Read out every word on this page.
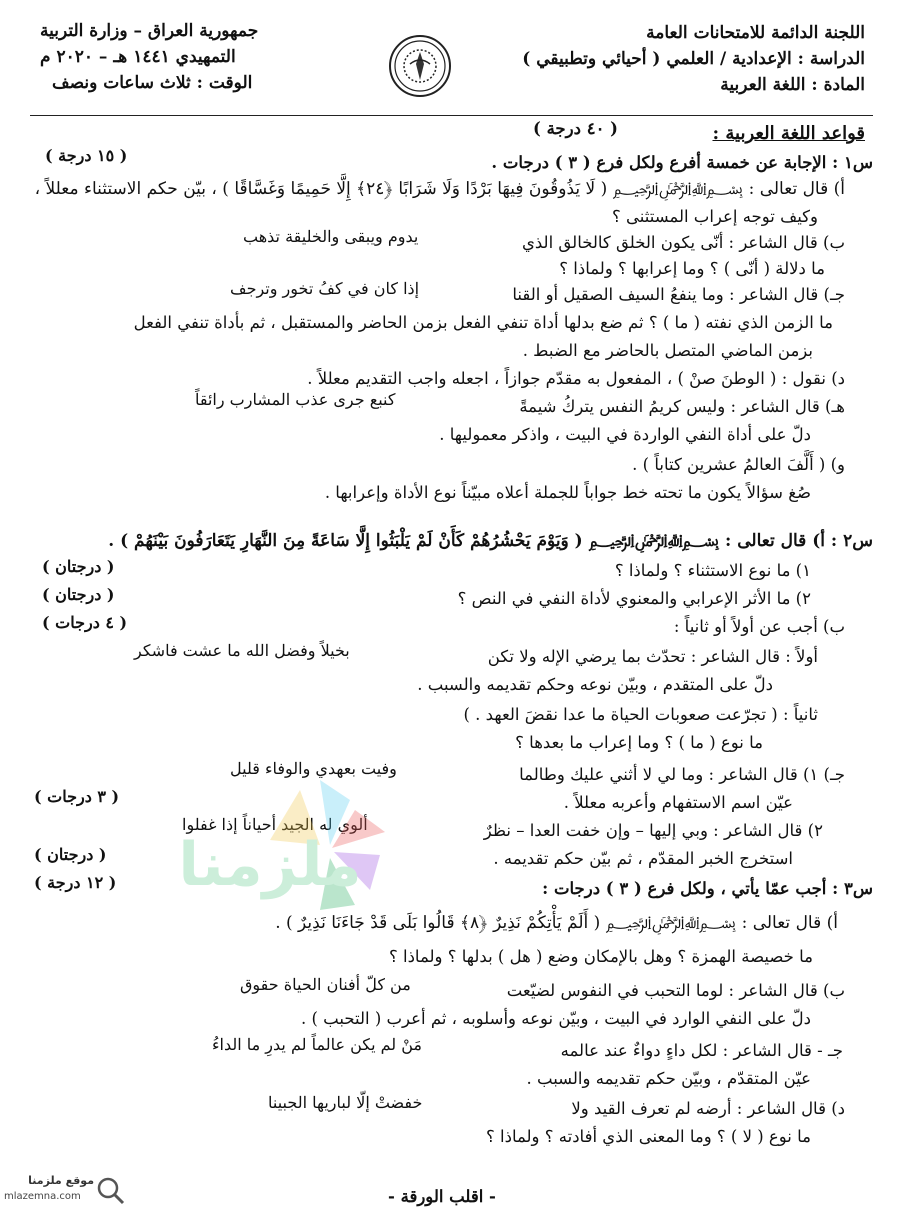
اللجنة الدائمة للامتحانات العامة
الدراسة : الإعدادية / العلمي ( أحيائي وتطبيقي )
المادة : اللغة العربية
جمهورية العراق – وزارة التربية
التمهيدي ١٤٤١ هـ – ٢٠٢٠ م
الوقت : ثلاث ساعات ونصف
قواعد اللغة العربية :
( ٤٠ درجة )
س١ : الإجابة عن خمسة أفرع ولكل فرع ( ٣ ) درجات .
( ١٥ درجة )
أ) قال تعالى : ﷽ ( لَا يَذُوقُونَ فِيهَا بَرْدًا وَلَا شَرَابًا ﴿٢٤﴾ إِلَّا حَمِيمًا وَغَسَّاقًا ) ، بيّن حكم الاستثناء معللاً ،
وكيف توجه إعراب المستثنى ؟
ب) قال الشاعر : أنّى يكون الخلق كالخالق الذي
يدوم ويبقى والخليقة تذهب
ما دلالة ( أنّى ) ؟ وما إعرابها ؟ ولماذا ؟
جـ) قال الشاعر : وما ينفعُ السيف الصقيل أو القنا
إذا كان في كفُ تخور وترجف
ما الزمن الذي نفته ( ما ) ؟ ثم ضع بدلها أداة تنفي الفعل بزمن الحاضر والمستقبل ، ثم بأداة تنفي الفعل
بزمن الماضي المتصل بالحاضر مع الضبط .
د) نقول : ( الوطنَ صنْ ) ، المفعول به مقدّم جوازاً ، اجعله واجب التقديم معللاً .
هـ) قال الشاعر : وليس كريمُ النفس يتركُ شيمةً
كنبع جرى عذب المشارب رائقاً
دلّ على أداة النفي الواردة في البيت ، واذكر معموليها .
و) ( أَلَّفَ العالمُ عشرين كتاباً ) .
صُغ سؤالاً يكون ما تحته خط جواباً للجملة أعلاه مبيّناً نوع الأداة وإعرابها .
س٢ : أ) قال تعالى : ﷽ ( وَيَوْمَ يَحْشُرُهُمْ كَأَنْ لَمْ يَلْبَثُوا إِلَّا سَاعَةً مِنَ النَّهَارِ يَتَعَارَفُونَ بَيْنَهُمْ ) .
١) ما نوع الاستثناء ؟ ولماذا ؟
( درجتان )
٢) ما الأثر الإعرابي والمعنوي لأداة النفي في النص ؟
( درجتان )
ب) أجب عن أولاً أو ثانياً :
( ٤ درجات )
أولاً : قال الشاعر : تحدّث بما يرضي الإله ولا تكن
بخيلاً وفضل الله ما عشت فاشكر
دلّ على المتقدم ، وبيّن نوعه وحكم تقديمه والسبب .
ثانياً : ( تجرّعت صعوبات الحياة ما عدا نقضَ العهد . )
ما نوع ( ما ) ؟ وما إعراب ما بعدها ؟
جـ) ١) قال الشاعر : وما لي لا أثني عليك وطالما
وفيت بعهدي والوفاء قليل
عيّن اسم الاستفهام وأعربه معللاً .
( ٣ درجات )
٢) قال الشاعر : وبي إليها – وإن خفت العدا – نظرٌ
ألوي له الجيد أحياناً إذا غفلوا
استخرج الخبر المقدّم ، ثم بيّن حكم تقديمه .
( درجتان )
س٣ : أجب عمّا يأتي ، ولكل فرع ( ٣ ) درجات :
( ١٢ درجة )
أ) قال تعالى : ﷽ ( أَلَمْ يَأْتِكُمْ نَذِيرٌ ﴿٨﴾ قَالُوا بَلَى قَدْ جَاءَنَا نَذِيرٌ ) .
ما خصيصة الهمزة ؟ وهل بالإمكان وضع ( هل ) بدلها ؟ ولماذا ؟
ب) قال الشاعر : لوما التحبب في النفوس لضيّعت
من كلّ أفنان الحياة حقوق
دلّ على النفي الوارد في البيت ، وبيّن نوعه وأسلوبه ، ثم أعرب ( التحبب ) .
جـ - قال الشاعر : لكل داءٍ دواءٌ عند عالمه
مَنْ لم يكن عالماً لم يدرِ ما الداءُ
عيّن المتقدّم ، وبيّن حكم تقديمه والسبب .
د) قال الشاعر : أرضه لم تعرف القيد ولا
خفضتْ إلّا لباريها الجبينا
ما نوع ( لا ) ؟ وما المعنى الذي أفادته ؟ ولماذا ؟
- اقلب الورقة -
موقع ملزمنا
mlazemna.com
ملزمنا
